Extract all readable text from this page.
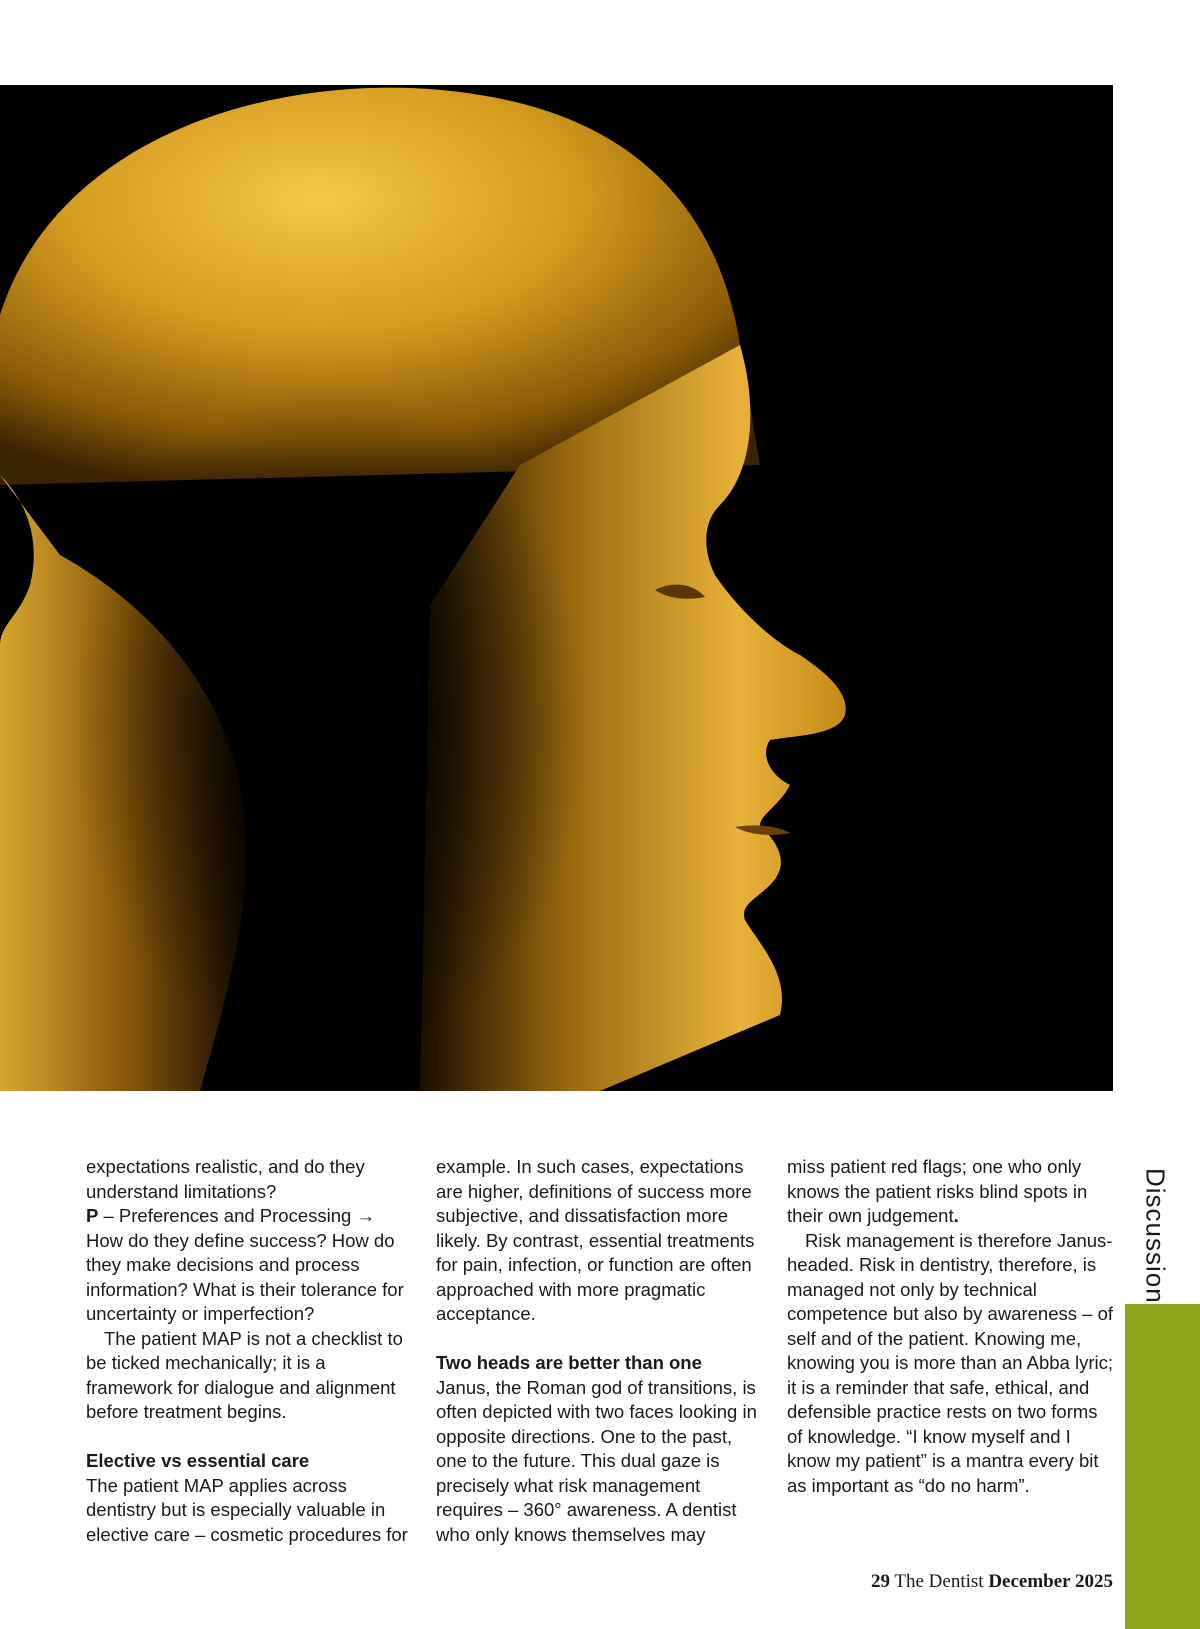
Discussion

expectations realistic, and do they understand limitations?

P – Preferences and Processing → How do they define success? How do they make decisions and process information? What is their tolerance for uncertainty or imperfection?

The patient MAP is not a checklist to be ticked mechanically; it is a framework for dialogue and alignment before treatment begins.

Elective vs essential care

The patient MAP applies across dentistry but is especially valuable in elective care – cosmetic procedures for

example. In such cases, expectations are higher, definitions of success more subjective, and dissatisfaction more likely. By contrast, essential treatments for pain, infection, or function are often approached with more pragmatic acceptance.

Two heads are better than one

Janus, the Roman god of transitions, is often depicted with two faces looking in opposite directions. One to the past, one to the future. This dual gaze is precisely what risk management requires – 360° awareness. A dentist who only knows themselves may

miss patient red flags; one who only knows the patient risks blind spots in their own judgement.

Risk management is therefore Janus-headed. Risk in dentistry, therefore, is managed not only by technical competence but also by awareness – of self and of the patient. Knowing me, knowing you is more than an Abba lyric; it is a reminder that safe, ethical, and defensible practice rests on two forms of knowledge. “I know myself and I know my patient” is a mantra every bit as important as “do no harm”.

29 The Dentist December 2025
